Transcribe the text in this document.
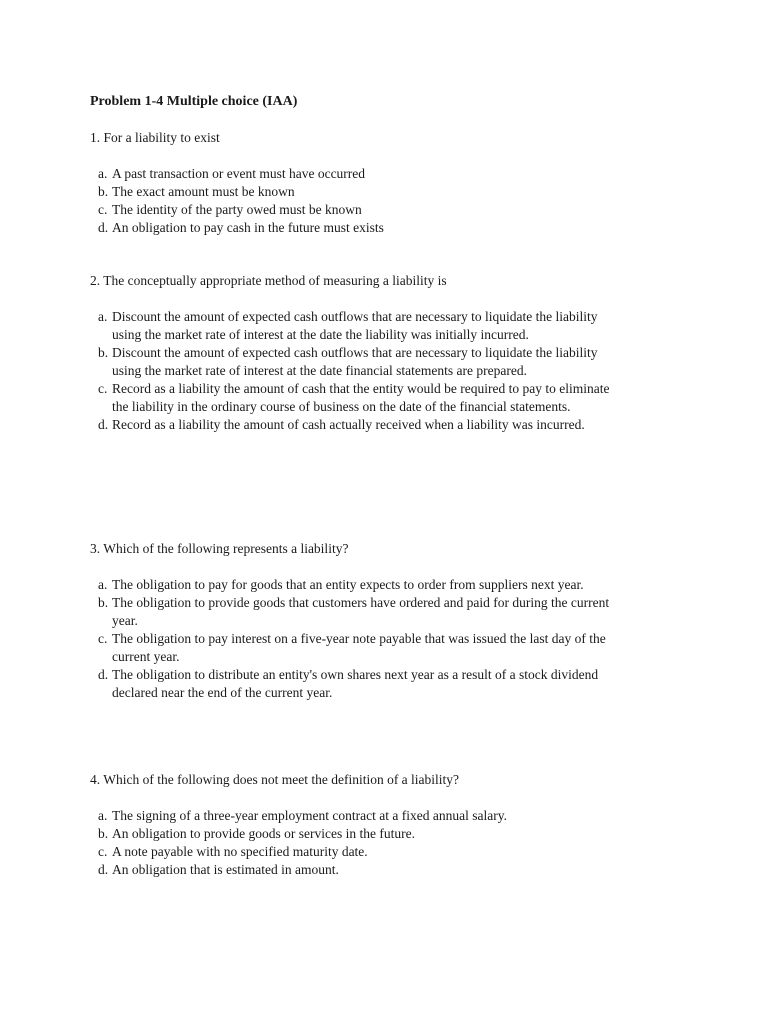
Problem 1-4 Multiple choice (IAA)
1. For a liability to exist
a. A past transaction or event must have occurred
b. The exact amount must be known
c. The identity of the party owed must be known
d. An obligation to pay cash in the future must exists
2. The conceptually appropriate method of measuring a liability is
a. Discount the amount of expected cash outflows that are necessary to liquidate the liability using the market rate of interest at the date the liability was initially incurred.
b. Discount the amount of expected cash outflows that are necessary to liquidate the liability using the market rate of interest at the date financial statements are prepared.
c. Record as a liability the amount of cash that the entity would be required to pay to eliminate the liability in the ordinary course of business on the date of the financial statements.
d. Record as a liability the amount of cash actually received when a liability was incurred.
3. Which of the following represents a liability?
a. The obligation to pay for goods that an entity expects to order from suppliers next year.
b. The obligation to provide goods that customers have ordered and paid for during the current year.
c. The obligation to pay interest on a five-year note payable that was issued the last day of the current year.
d. The obligation to distribute an entity's own shares next year as a result of a stock dividend declared near the end of the current year.
4. Which of the following does not meet the definition of a liability?
a. The signing of a three-year employment contract at a fixed annual salary.
b. An obligation to provide goods or services in the future.
c. A note payable with no specified maturity date.
d. An obligation that is estimated in amount.
